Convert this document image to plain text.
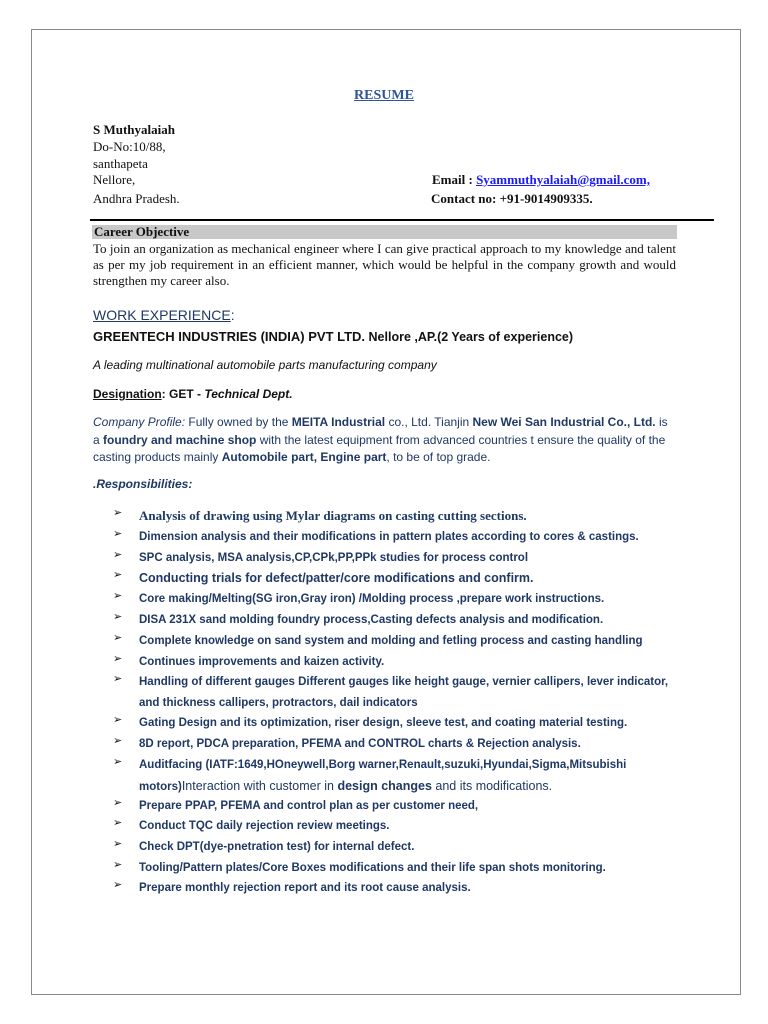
RESUME
S Muthyalaiah
Do-No:10/88,
santhapeta
Nellore,
Andhra Pradesh.
Email : Syammuthyalaiah@gmail.com,
Contact no: +91-9014909335.
Career Objective
To join an organization as mechanical engineer where I can give practical approach to my knowledge and talent as per my job requirement in an efficient manner, which would be helpful in the company growth and would strengthen my career also.
WORK EXPERIENCE:
GREENTECH INDUSTRIES (INDIA) PVT LTD. Nellore ,AP.(2 Years of experience)
A leading multinational automobile parts manufacturing company
Designation: GET - Technical Dept.
Company Profile: Fully owned by the MEITA Industrial co., Ltd. Tianjin New Wei San Industrial Co., Ltd. is a foundry and machine shop with the latest equipment from advanced countries t ensure the quality of the casting products mainly Automobile part, Engine part, to be of top grade.
.Responsibilities:
➢ Analysis of drawing using Mylar diagrams on casting cutting sections.
➢ Dimension analysis and their modifications in pattern plates according to cores & castings.
➢ SPC analysis, MSA analysis,CP,CPk,PP,PPk studies for process control
➢ Conducting trials for defect/patter/core modifications and confirm.
➢ Core making/Melting(SG iron,Gray iron) /Molding process ,prepare work instructions.
➢ DISA 231X sand molding foundry process,Casting defects analysis and modification.
➢ Complete knowledge on sand system and molding and fetling process and casting handling
➢ Continues improvements and kaizen activity.
➢ Handling of different gauges Different gauges like height gauge, vernier callipers, lever indicator, and thickness callipers, protractors, dail indicators
➢ Gating Design and its optimization, riser design, sleeve test, and coating material testing.
➢ 8D report, PDCA preparation, PFEMA and CONTROL charts & Rejection analysis.
➢ Auditfacing (IATF:1649,HOneywell,Borg warner,Renault,suzuki,Hyundai,Sigma,Mitsubishi motors)Interaction with customer in design changes and its modifications.
➢ Prepare PPAP, PFEMA and control plan as per customer need,
➢ Conduct TQC daily rejection review meetings.
➢ Check DPT(dye-pnetration test) for internal defect.
➢ Tooling/Pattern plates/Core Boxes modifications and their life span shots monitoring.
➢ Prepare monthly rejection report and its root cause analysis.
